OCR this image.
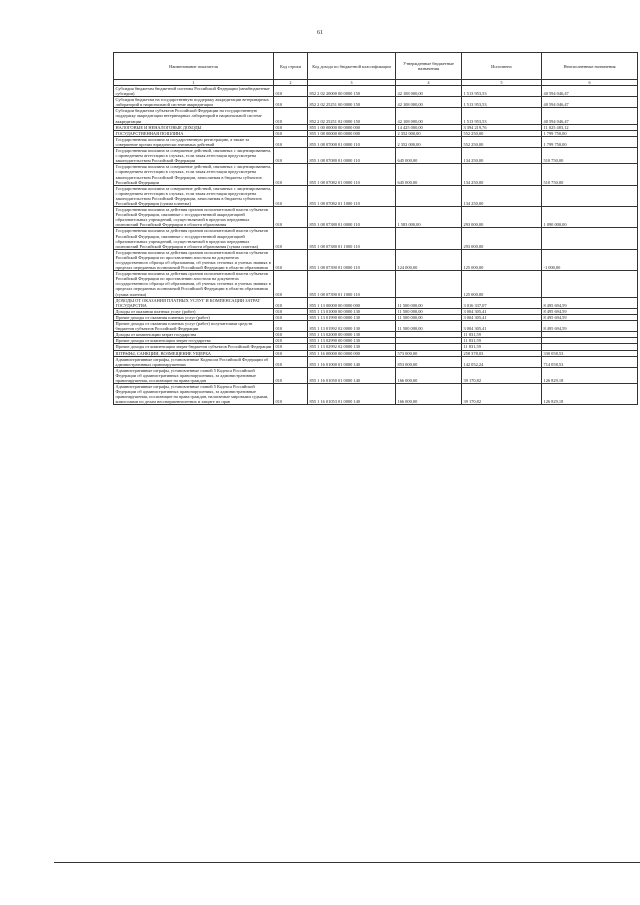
61
Наименование показателя	Код строки	Код дохода по бюджетной классификации	Утвержденные бюджетные назначения	Исполнено	Неисполненные назначения
1	2	3	4	5	6
Субсидия бюджетам бюджетной системы Российской Федерации (межбюджетные субсидии)	010	852 2 02 20000 00 0000 150	42 108 000,00	1 513 953,53	40 594 046,47
Субсидии бюджетам на государственную поддержку аккредитации ветеринарных лабораторий в национальной системе аккредитации	010	852 2 02 25251 00 0000 150	42 108 000,00	1 513 953,53	40 594 046,47
Субсидии бюджетам субъектов Российской Федерации на государственную поддержку аккредитации ветеринарных лабораторий в национальной системе аккредитации	010	852 2 02 25251 02 0000 150	42 108 000,00	1 513 953,53	40 594 046,47
НАЛОГОВЫЕ И НЕНАЛОГОВЫЕ ДОХОДЫ	010	855 1 00 00000 00 0000 000	14 425 000,00	3 394 219,76	11 025 483,12
ГОСУДАРСТВЕННАЯ ПОШЛИНА	010	855 1 08 00000 00 0000 000	2 352 000,00	552 250,00	1 799 750,00
Государственная пошлина за государственную регистрацию, а также за совершение прочих юридически значимых действий	010	855 1 08 07000 01 0000 110	2 352 000,00	552 250,00	1 799 750,00
Государственная пошлина за совершение действий, связанных с лицензированием, с проведением аттестации в случаях, если такая аттестация предусмотрена законодательством Российской Федерации	010	855 1 08 07080 01 0000 110	645 000,00	134 250,00	510 750,00
Государственная пошлина за совершение действий, связанных с лицензированием, с проведением аттестации в случаях, если такая аттестация предусмотрена законодательством Российской Федерации, зачисляемая в бюджеты субъектов Российской Федерации	010	855 1 08 07082 01 0000 110	645 000,00	134 250,00	510 750,00
Государственная пошлина за совершение действий, связанных с лицензированием, с проведением аттестации в случаях, если такая аттестация предусмотрена законодательством Российской Федерации, зачисляемая в бюджеты субъектов Российской Федерации (сумма платежа)	010	855 1 08 07082 01 1000 110		134 250,00	
Государственная пошлина за действия органов исполнительной власти субъектов Российской Федерации, связанные с государственной аккредитацией образовательных учреждений, осуществляемой в пределах переданных полномочий Российской Федерации в области образования	010	855 1 08 07380 01 0000 110	1 583 000,00	293 000,00	1 090 000,00
Государственная пошлина за действия органов исполнительной власти субъектов Российской Федерации, связанные с государственной аккредитацией образовательных учреждений, осуществляемой в пределах переданных полномочий Российской Федерации в области образования (сумма платежа)	010	855 1 08 07380 01 1000 110		293 000,00	
Государственная пошлина за действия органов исполнительной власти субъектов Российской Федерации по проставлению апостиля на документах государственного образца об образовании, об ученых степенях и ученых званиях в пределах переданных полномочий Российской Федерации в области образования	010	855 1 08 07390 01 0000 110	124 000,00	125 000,00	-1 000,00
Государственная пошлина за действия органов исполнительной власти субъектов Российской Федерации по проставлению апостиля на документах государственного образца об образовании, об ученых степенях и ученых званиях в пределах переданных полномочий Российской Федерации в области образования (сумма платежа)	010	855 1 08 07390 01 1000 110		125 000,00	
ДОХОДЫ ОТ ОКАЗАНИЯ ПЛАТНЫХ УСЛУГ И КОМПЕНСАЦИИ ЗАТРАТ ГОСУДАРСТВА	010	855 1 13 00000 00 0000 000	11 500 000,00	3 016 337,07	8 495 694,59
Доходы от оказания платных услуг (работ)	010	855 1 13 01000 00 0000 130	11 500 000,00	3 004 305,41	8 495 694,59
Прочие доходы от оказания платных услуг (работ)	010	855 1 13 01990 00 0000 130	11 500 000,00	3 004 305,41	8 495 694,59
Прочие доходы от оказания платных услуг (работ) получателями средств бюджетов субъектов Российской Федерации	010	855 1 13 01992 02 0000 130	11 500 000,00	3 004 305,41	8 495 694,59
Доходы от компенсации затрат государства	010	855 1 13 02000 00 0000 130		11 831,59	
Прочие доходы от компенсации затрат государства	010	855 1 13 02990 00 0000 130		11 831,59	
Прочие доходы от компенсации затрат бюджетов субъектов Российской Федерации	010	855 1 13 02992 02 0000 130		11 831,59	
ШТРАФЫ, САНКЦИИ, ВОЗМЕЩЕНИЕ УЩЕРБА	010	855 1 16 00000 00 0000 000	573 000,00	258 378,03	330 058,53
Административные штрафы, установленные Кодексом Российской Федерации об административных правонарушениях	010	855 1 16 01000 01 0000 140	853 000,00	142 052,24	714 058,53
Административные штрафы, установленные главой 5 Кодекса Российской Федерации об административных правонарушениях, за административные правонарушения, посягающие на права граждан	010	855 1 16 01050 01 0000 140	166 000,00	39 170,82	126 829,18
Административные штрафы, установленные главой 5 Кодекса Российской Федерации об административных правонарушениях, за административные правонарушения, посягающие на права граждан, налагаемые мировыми судьями, комиссиями по делам несовершеннолетних и защите их прав	010	855 1 16 01053 01 0000 140	166 000,00	39 170,82	126 829,18
